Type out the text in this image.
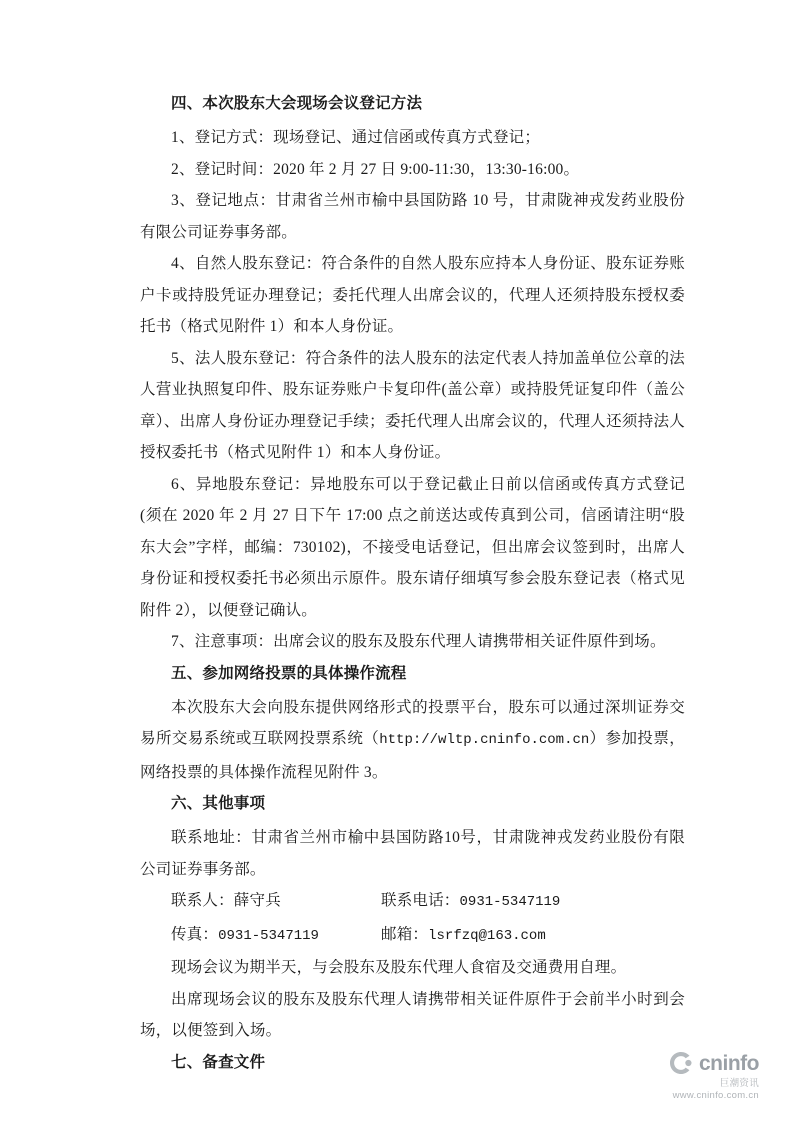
四、本次股东大会现场会议登记方法

1、登记方式：现场登记、通过信函或传真方式登记；

2、登记时间：2020 年 2 月 27 日 9:00-11:30，13:30-16:00。

3、登记地点：甘肃省兰州市榆中县国防路 10 号，甘肃陇神戎发药业股份有限公司证券事务部。

4、自然人股东登记：符合条件的自然人股东应持本人身份证、股东证券账户卡或持股凭证办理登记；委托代理人出席会议的，代理人还须持股东授权委托书（格式见附件 1）和本人身份证。

5、法人股东登记：符合条件的法人股东的法定代表人持加盖单位公章的法人营业执照复印件、股东证券账户卡复印件(盖公章）或持股凭证复印件（盖公章）、出席人身份证办理登记手续；委托代理人出席会议的，代理人还须持法人授权委托书（格式见附件 1）和本人身份证。

6、异地股东登记：异地股东可以于登记截止日前以信函或传真方式登记(须在 2020 年 2 月 27 日下午 17:00 点之前送达或传真到公司，信函请注明“股东大会”字样，邮编：730102)，不接受电话登记，但出席会议签到时，出席人身份证和授权委托书必须出示原件。股东请仔细填写参会股东登记表（格式见附件 2），以便登记确认。

7、注意事项：出席会议的股东及股东代理人请携带相关证件原件到场。

五、参加网络投票的具体操作流程

本次股东大会向股东提供网络形式的投票平台，股东可以通过深圳证券交易所交易系统或互联网投票系统（http://wltp.cninfo.com.cn）参加投票，网络投票的具体操作流程见附件 3。

六、其他事项

联系地址：甘肃省兰州市榆中县国防路10号，甘肃陇神戎发药业股份有限公司证券事务部。

联系人：薛守兵	联系电话：0931-5347119
传真：0931-5347119	邮箱：lsrfzq@163.com

现场会议为期半天，与会股东及股东代理人食宿及交通费用自理。

出席现场会议的股东及股东代理人请携带相关证件原件于会前半小时到会场，以便签到入场。

七、备查文件	cninfo
巨潮资讯
www.cninfo.com.cn
